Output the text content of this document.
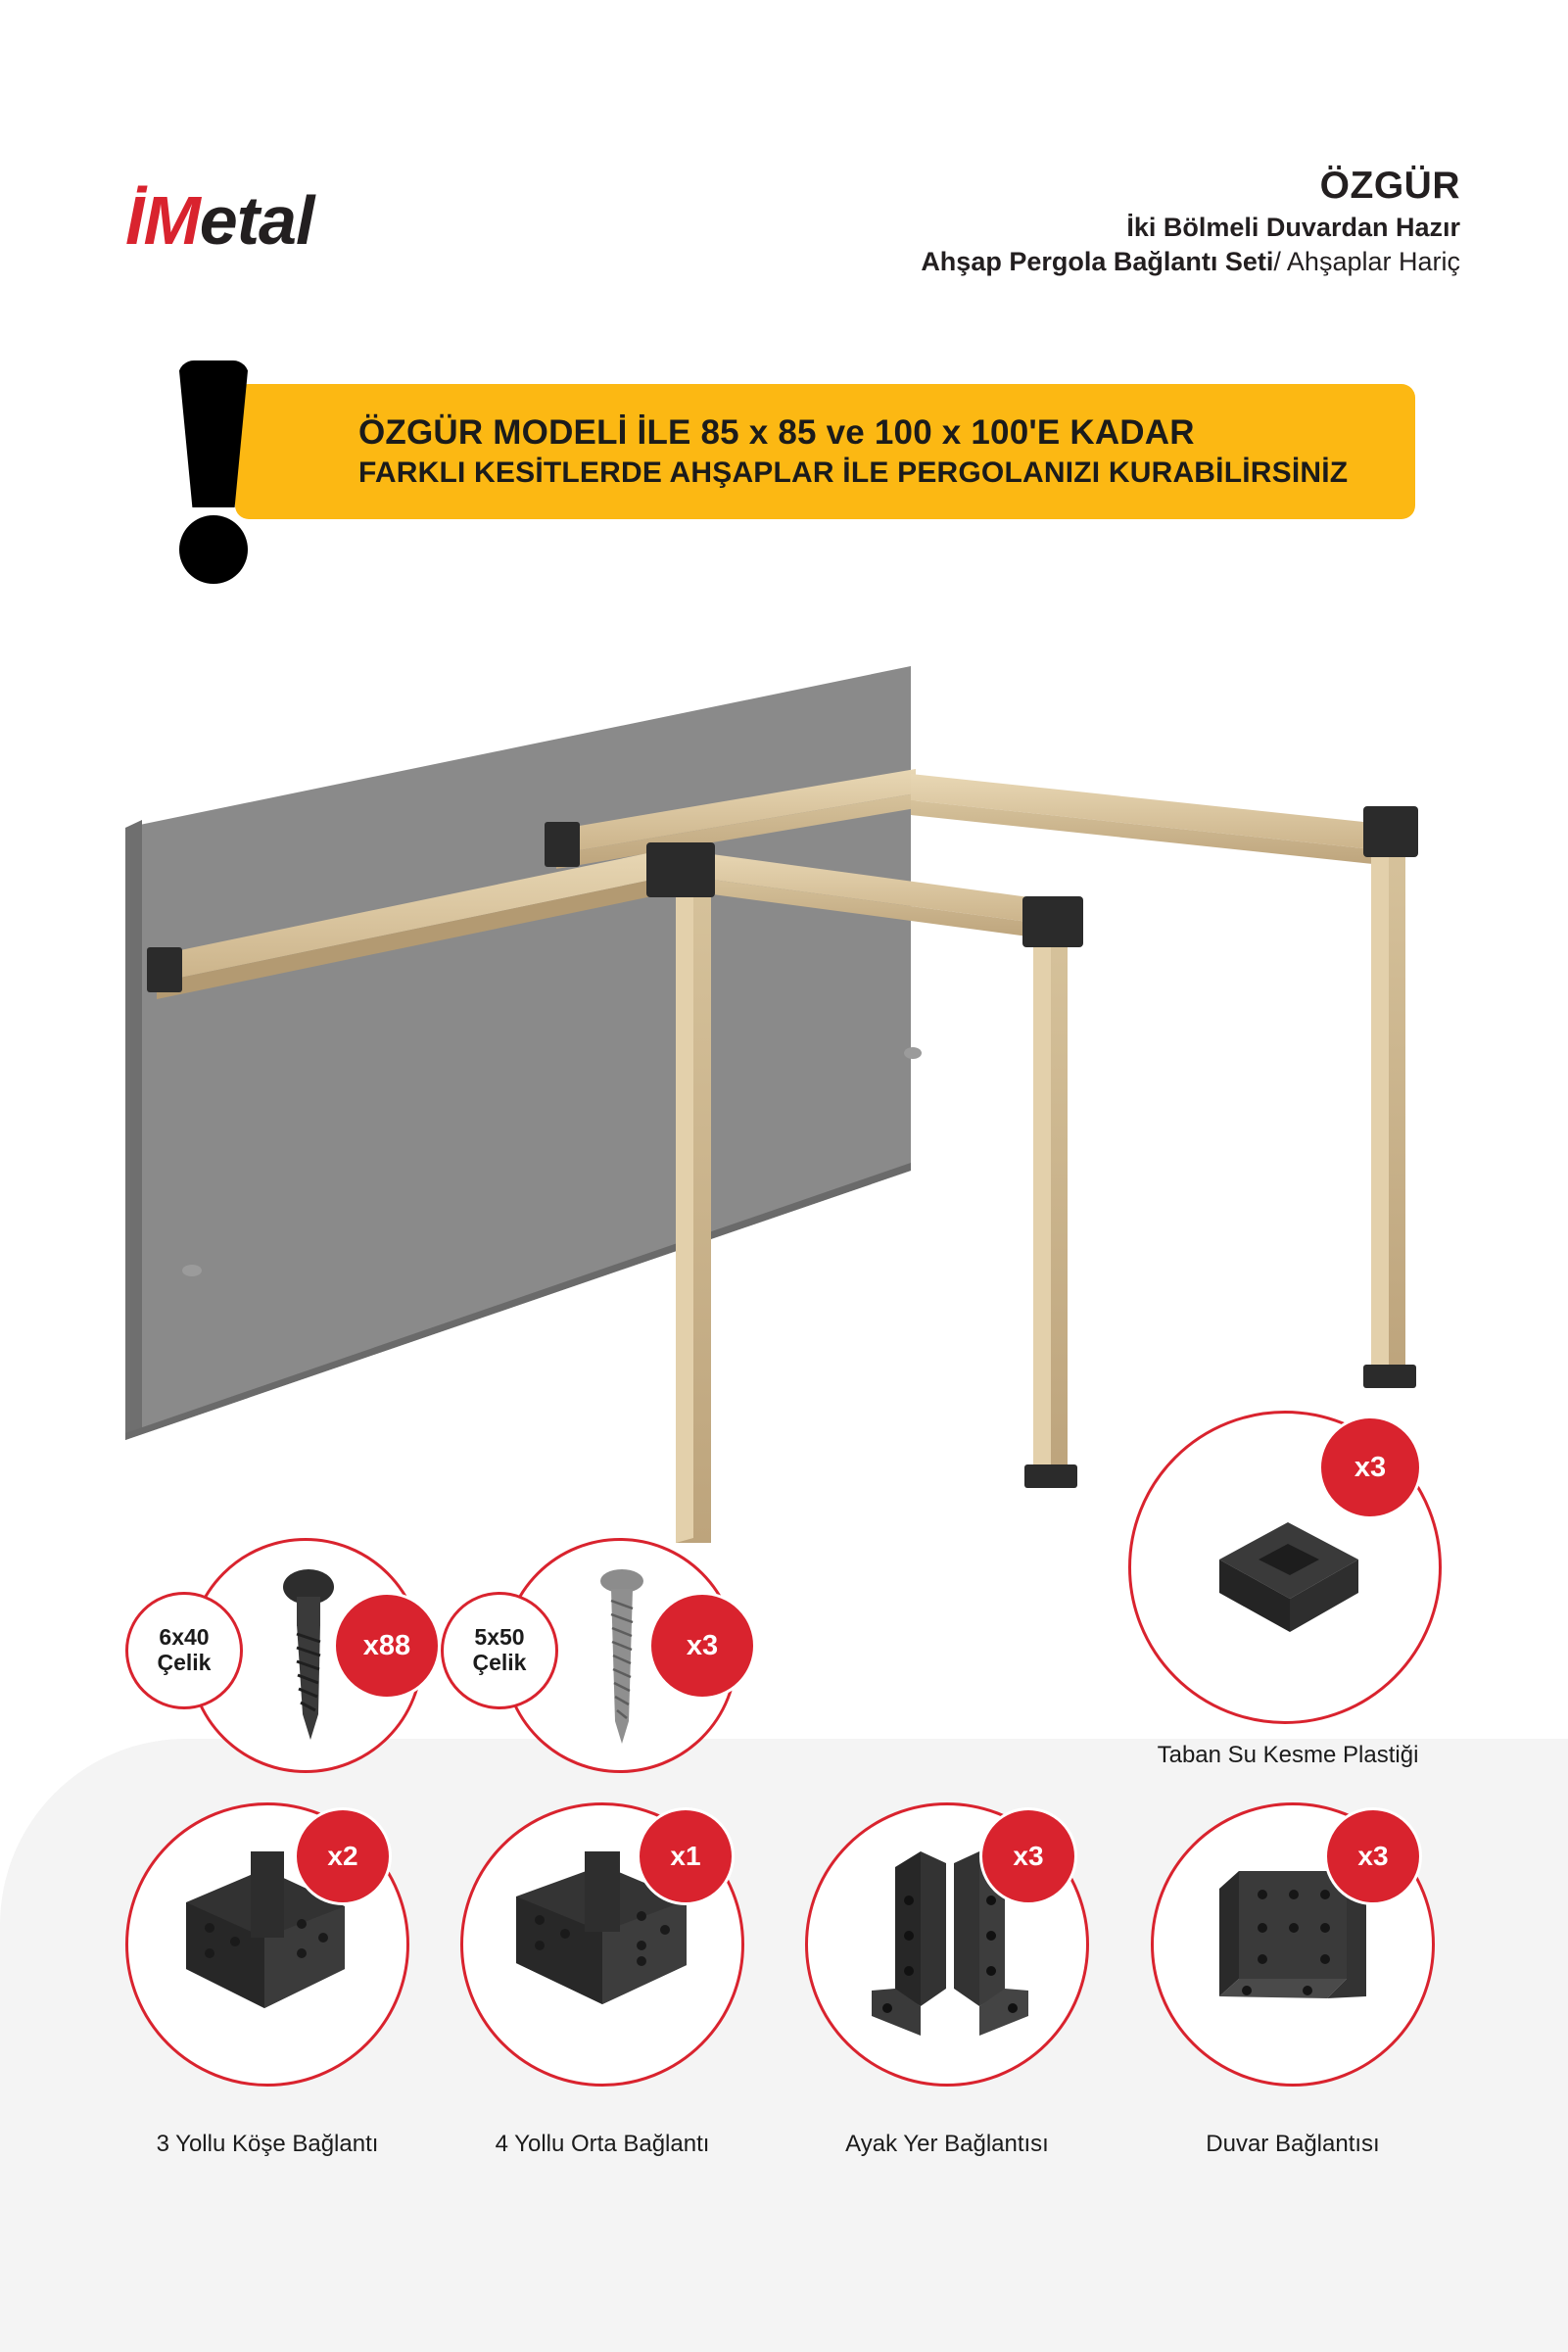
İMetal	ÖZGÜR
İki Bölmeli Duvardan Hazır
Ahşap Pergola Bağlantı Seti/ Ahşaplar Hariç
ÖZGÜR MODELİ İLE 85 x 85 ve 100 x 100'E KADAR
FARKLI KESİTLERDE AHŞAPLAR İLE PERGOLANIZI KURABİLİRSİNİZ
6x40
Çelik
x88	5x50
Çelik
x3
x3
Taban Su Kesme Plastiği
x2
3 Yollu Köşe Bağlantı
x1
4 Yollu Orta Bağlantı
x3
Ayak Yer Bağlantısı
x3
Duvar Bağlantısı
